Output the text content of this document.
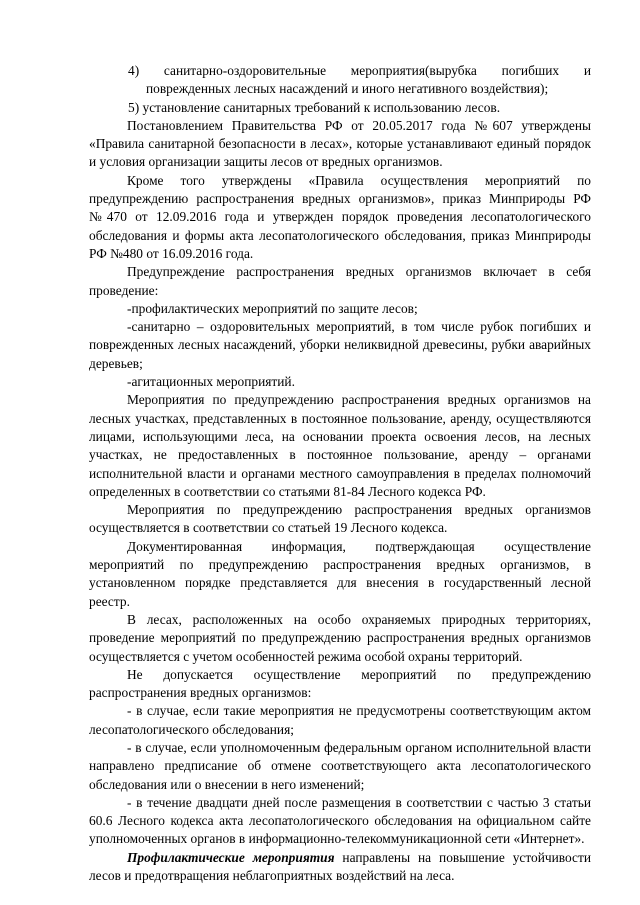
4) санитарно-оздоровительные мероприятия(вырубка погибших и поврежденных лесных насаждений и иного негативного воздействия);

5) установление санитарных требований к использованию лесов.

Постановлением Правительства РФ от 20.05.2017 года №607 утверждены «Правила санитарной безопасности в лесах», которые устанавливают единый порядок и условия организации защиты лесов от вредных организмов.

Кроме того утверждены «Правила осуществления мероприятий по предупреждению распространения вредных организмов», приказ Минприроды РФ №470 от 12.09.2016 года и утвержден порядок проведения лесопатологического обследования и формы акта лесопатологического обследования, приказ Минприроды РФ №480 от 16.09.2016 года.

Предупреждение распространения вредных организмов включает в себя проведение:

-профилактических мероприятий по защите лесов;

-санитарно – оздоровительных мероприятий, в том числе рубок погибших и поврежденных лесных насаждений, уборки неликвидной древесины, рубки аварийных деревьев;

-агитационных мероприятий.

Мероприятия по предупреждению распространения вредных организмов на лесных участках, представленных в постоянное пользование, аренду, осуществляются лицами, использующими леса, на основании проекта освоения лесов, на лесных участках, не предоставленных в постоянное пользование, аренду – органами исполнительной власти и органами местного самоуправления в пределах полномочий определенных в соответствии со статьями 81-84 Лесного кодекса РФ.

Мероприятия по предупреждению распространения вредных организмов осуществляется в соответствии со статьей 19 Лесного кодекса.

Документированная информация, подтверждающая осуществление мероприятий по предупреждению распространения вредных организмов, в установленном порядке представляется для внесения в государственный лесной реестр.

В лесах, расположенных на особо охраняемых природных территориях, проведение мероприятий по предупреждению распространения вредных организмов осуществляется с учетом особенностей режима особой охраны территорий.

Не допускается осуществление мероприятий по предупреждению распространения вредных организмов:

- в случае, если такие мероприятия не предусмотрены соответствующим актом лесопатологического обследования;

- в случае, если уполномоченным федеральным органом исполнительной власти направлено предписание об отмене соответствующего акта лесопатологического обследования или о внесении в него изменений;

- в течение двадцати дней после размещения в соответствии с частью 3 статьи 60.6 Лесного кодекса акта лесопатологического обследования на официальном сайте уполномоченных органов в информационно-телекоммуникационной сети «Интернет».

Профилактические мероприятия направлены на повышение устойчивости лесов и предотвращения неблагоприятных воздействий на леса.
